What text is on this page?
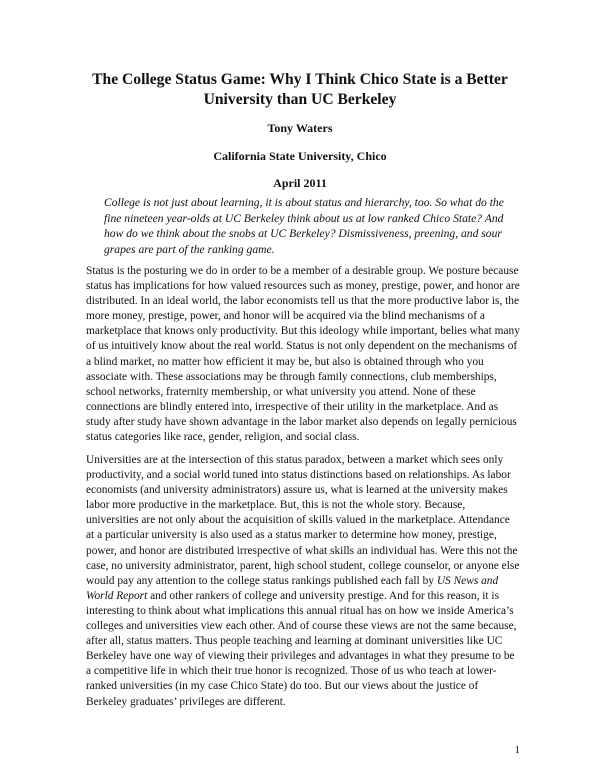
The College Status Game: Why I Think Chico State is a Better University than UC Berkeley
Tony Waters
California State University, Chico
April 2011
College is not just about learning, it is about status and hierarchy, too. So what do the fine nineteen year-olds at UC Berkeley think about us at low ranked Chico State? And how do we think about the snobs at UC Berkeley? Dismissiveness, preening, and sour grapes are part of the ranking game.
Status is the posturing we do in order to be a member of a desirable group. We posture because status has implications for how valued resources such as money, prestige, power, and honor are distributed. In an ideal world, the labor economists tell us that the more productive labor is, the more money, prestige, power, and honor will be acquired via the blind mechanisms of a marketplace that knows only productivity. But this ideology while important, belies what many of us intuitively know about the real world. Status is not only dependent on the mechanisms of a blind market, no matter how efficient it may be, but also is obtained through who you associate with. These associations may be through family connections, club memberships, school networks, fraternity membership, or what university you attend. None of these connections are blindly entered into, irrespective of their utility in the marketplace. And as study after study have shown advantage in the labor market also depends on legally pernicious status categories like race, gender, religion, and social class.
Universities are at the intersection of this status paradox, between a market which sees only productivity, and a social world tuned into status distinctions based on relationships. As labor economists (and university administrators) assure us, what is learned at the university makes labor more productive in the marketplace. But, this is not the whole story. Because, universities are not only about the acquisition of skills valued in the marketplace. Attendance at a particular university is also used as a status marker to determine how money, prestige, power, and honor are distributed irrespective of what skills an individual has. Were this not the case, no university administrator, parent, high school student, college counselor, or anyone else would pay any attention to the college status rankings published each fall by US News and World Report and other rankers of college and university prestige. And for this reason, it is interesting to think about what implications this annual ritual has on how we inside America’s colleges and universities view each other. And of course these views are not the same because, after all, status matters. Thus people teaching and learning at dominant universities like UC Berkeley have one way of viewing their privileges and advantages in what they presume to be a competitive life in which their true honor is recognized. Those of us who teach at lower-ranked universities (in my case Chico State) do too. But our views about the justice of Berkeley graduates’ privileges are different.
1
